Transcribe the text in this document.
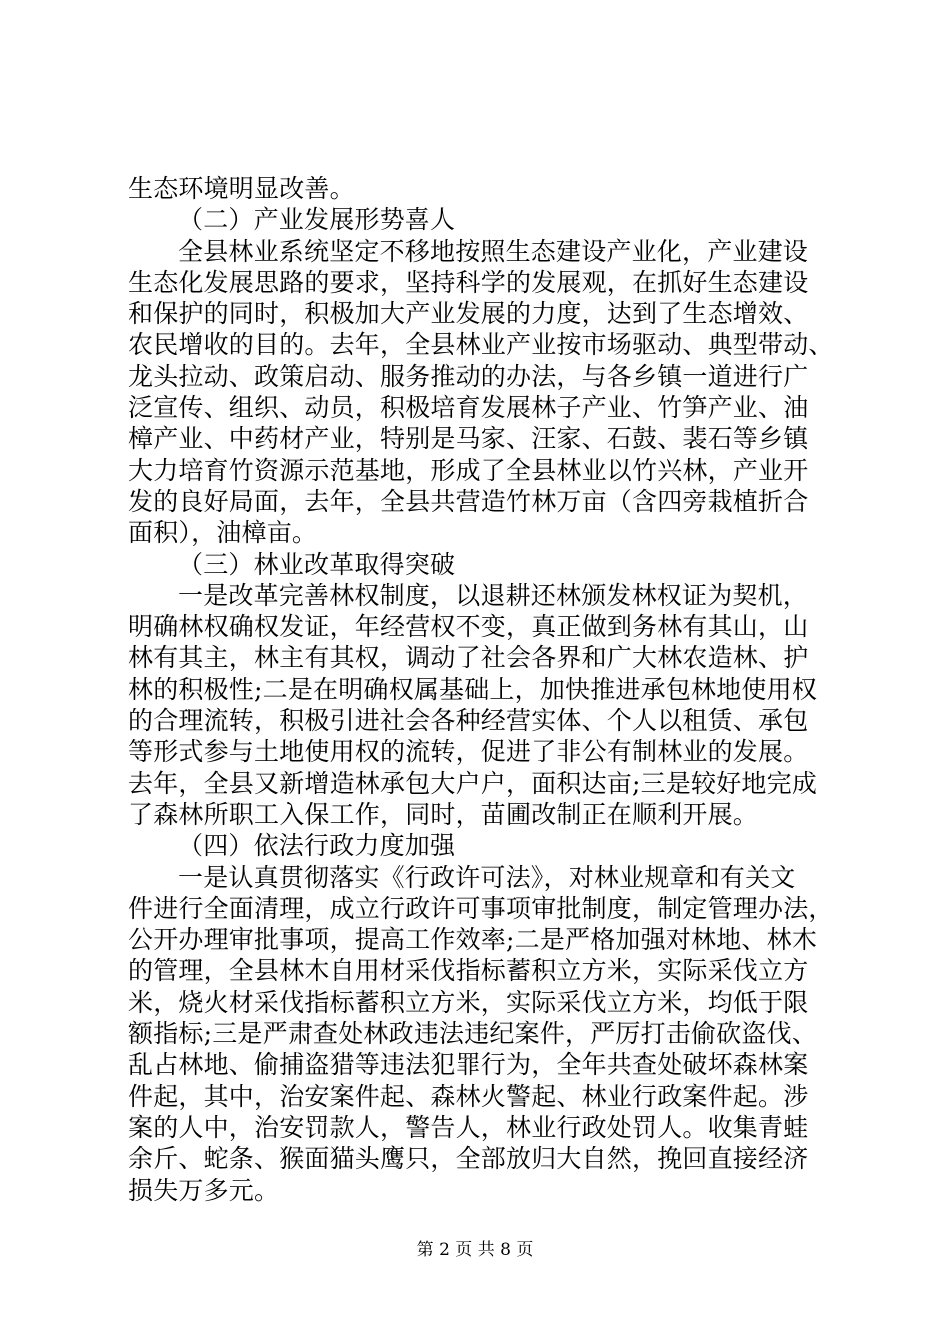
生态环境明显改善。
（二）产业发展形势喜人
全县林业系统坚定不移地按照生态建设产业化，产业建设
生态化发展思路的要求，坚持科学的发展观，在抓好生态建设
和保护的同时，积极加大产业发展的力度，达到了生态增效、
农民增收的目的。去年，全县林业产业按市场驱动、典型带动、
龙头拉动、政策启动、服务推动的办法，与各乡镇一道进行广
泛宣传、组织、动员，积极培育发展林子产业、竹笋产业、油
樟产业、中药材产业，特别是马家、汪家、石鼓、裴石等乡镇
大力培育竹资源示范基地，形成了全县林业以竹兴林，产业开
发的良好局面，去年，全县共营造竹林万亩（含四旁栽植折合
面积），油樟亩。
（三）林业改革取得突破
一是改革完善林权制度，以退耕还林颁发林权证为契机，
明确林权确权发证，年经营权不变，真正做到务林有其山，山
林有其主，林主有其权，调动了社会各界和广大林农造林、护
林的积极性;二是在明确权属基础上，加快推进承包林地使用权
的合理流转，积极引进社会各种经营实体、个人以租赁、承包
等形式参与土地使用权的流转，促进了非公有制林业的发展。
去年，全县又新增造林承包大户户，面积达亩;三是较好地完成
了森林所职工入保工作，同时，苗圃改制正在顺利开展。
（四）依法行政力度加强
一是认真贯彻落实《行政许可法》，对林业规章和有关文
件进行全面清理，成立行政许可事项审批制度，制定管理办法，
公开办理审批事项，提高工作效率;二是严格加强对林地、林木
的管理，全县林木自用材采伐指标蓄积立方米，实际采伐立方
米，烧火材采伐指标蓄积立方米，实际采伐立方米，均低于限
额指标;三是严肃查处林政违法违纪案件，严厉打击偷砍盗伐、
乱占林地、偷捕盗猎等违法犯罪行为，全年共查处破坏森林案
件起，其中，治安案件起、森林火警起、林业行政案件起。涉
案的人中，治安罚款人，警告人，林业行政处罚人。收集青蛙
余斤、蛇条、猴面猫头鹰只，全部放归大自然，挽回直接经济
损失万多元。
第 2 页 共 8 页
